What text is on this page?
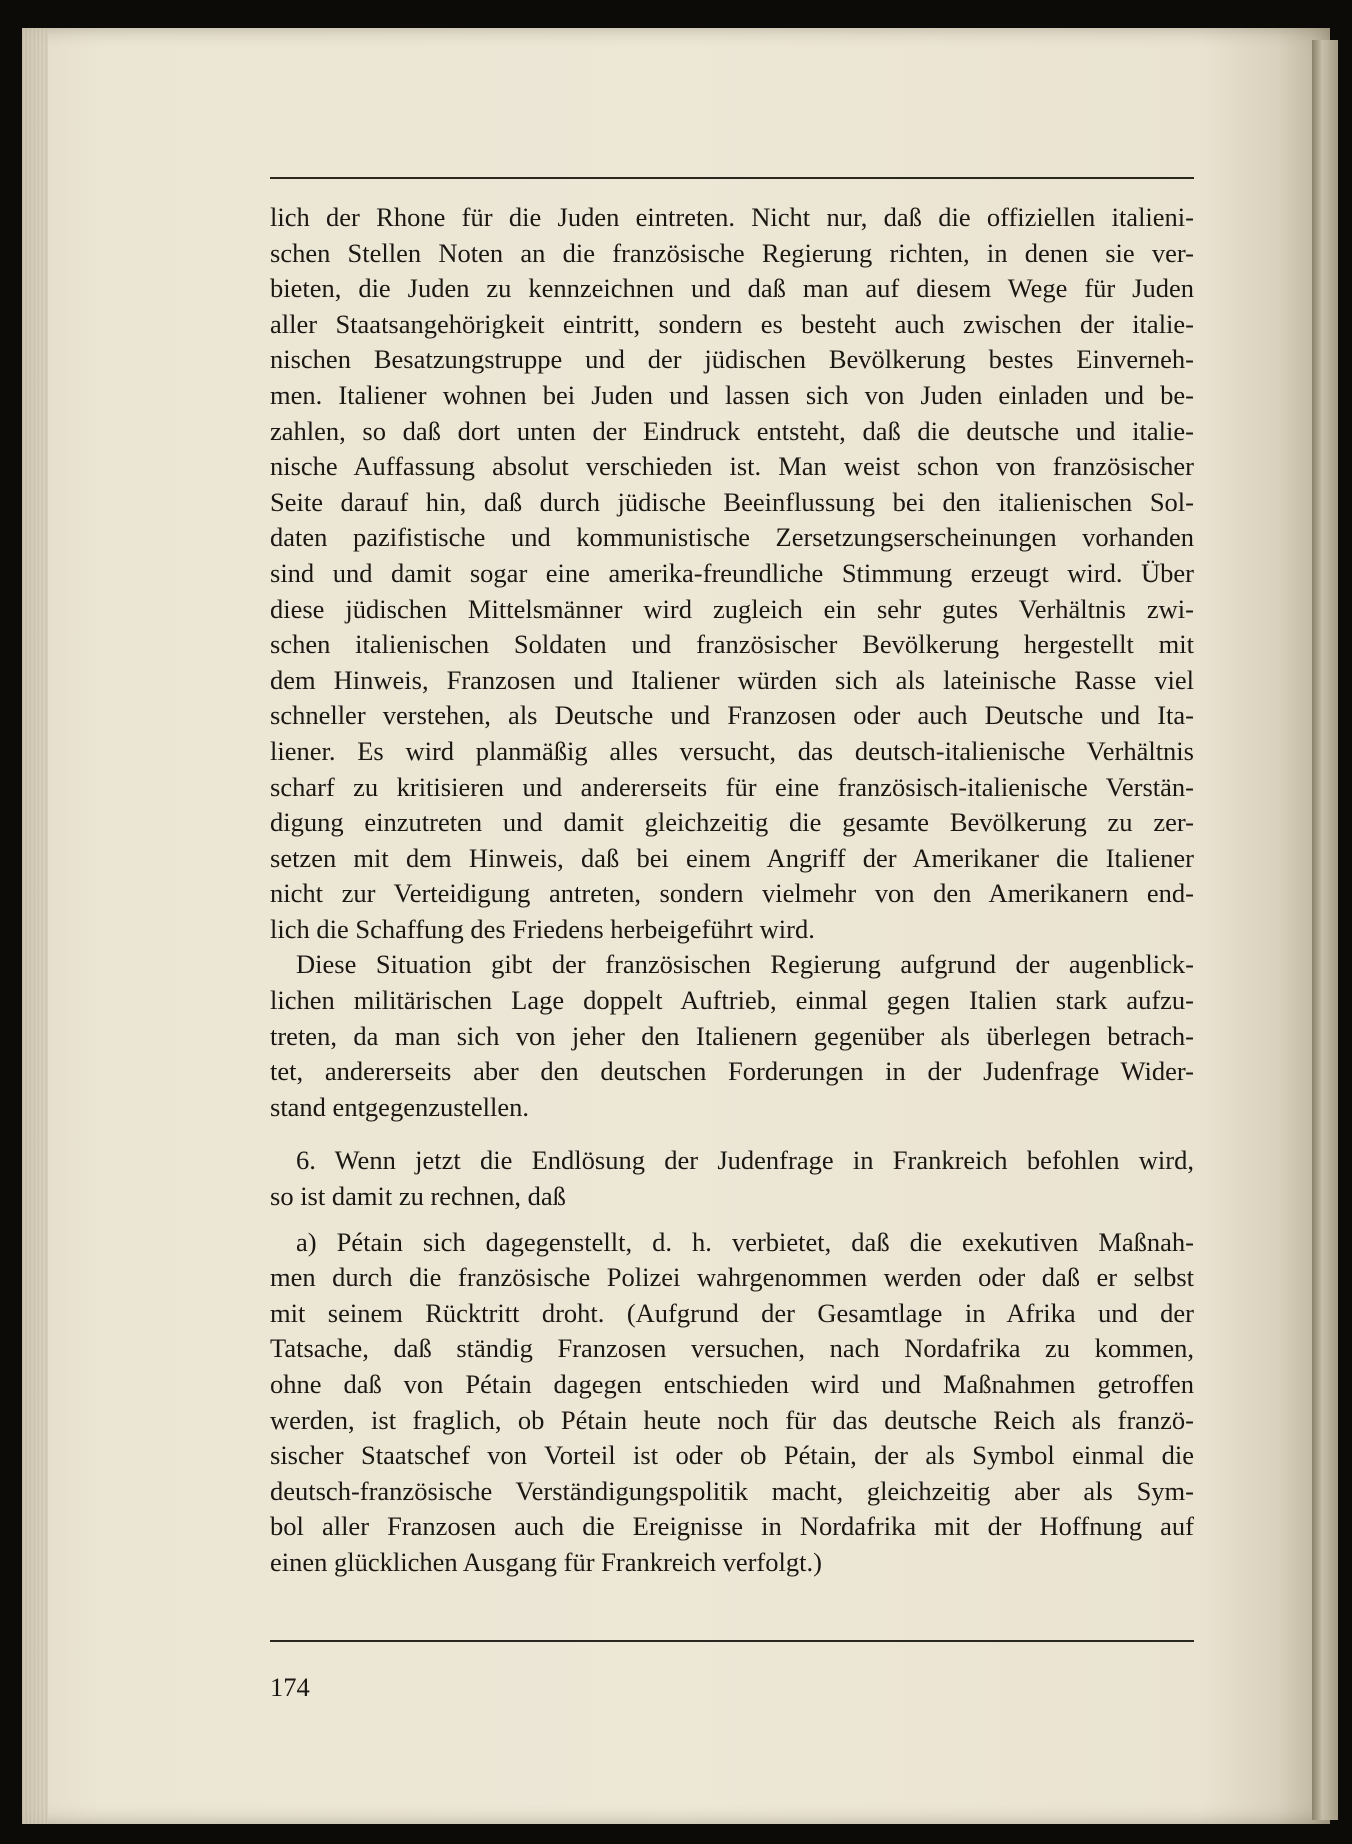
lich der Rhone für die Juden eintreten. Nicht nur, daß die offiziellen italieni-
schen Stellen Noten an die französische Regierung richten, in denen sie ver-
bieten, die Juden zu kennzeichnen und daß man auf diesem Wege für Juden
aller Staatsangehörigkeit eintritt, sondern es besteht auch zwischen der italie-
nischen Besatzungstruppe und der jüdischen Bevölkerung bestes Einverneh-
men. Italiener wohnen bei Juden und lassen sich von Juden einladen und be-
zahlen, so daß dort unten der Eindruck entsteht, daß die deutsche und italie-
nische Auffassung absolut verschieden ist. Man weist schon von französischer
Seite darauf hin, daß durch jüdische Beeinflussung bei den italienischen Sol-
daten pazifistische und kommunistische Zersetzungserscheinungen vorhanden
sind und damit sogar eine amerika-freundliche Stimmung erzeugt wird. Über
diese jüdischen Mittelsmänner wird zugleich ein sehr gutes Verhältnis zwi-
schen italienischen Soldaten und französischer Bevölkerung hergestellt mit
dem Hinweis, Franzosen und Italiener würden sich als lateinische Rasse viel
schneller verstehen, als Deutsche und Franzosen oder auch Deutsche und Ita-
liener. Es wird planmäßig alles versucht, das deutsch-italienische Verhältnis
scharf zu kritisieren und andererseits für eine französisch-italienische Verstän-
digung einzutreten und damit gleichzeitig die gesamte Bevölkerung zu zer-
setzen mit dem Hinweis, daß bei einem Angriff der Amerikaner die Italiener
nicht zur Verteidigung antreten, sondern vielmehr von den Amerikanern end-
lich die Schaffung des Friedens herbeigeführt wird.
Diese Situation gibt der französischen Regierung aufgrund der augenblick-
lichen militärischen Lage doppelt Auftrieb, einmal gegen Italien stark aufzu-
treten, da man sich von jeher den Italienern gegenüber als überlegen betrach-
tet, andererseits aber den deutschen Forderungen in der Judenfrage Wider-
stand entgegenzustellen.
6. Wenn jetzt die Endlösung der Judenfrage in Frankreich befohlen wird,
so ist damit zu rechnen, daß
a) Pétain sich dagegenstellt, d. h. verbietet, daß die exekutiven Maßnah-
men durch die französische Polizei wahrgenommen werden oder daß er selbst
mit seinem Rücktritt droht. (Aufgrund der Gesamtlage in Afrika und der
Tatsache, daß ständig Franzosen versuchen, nach Nordafrika zu kommen,
ohne daß von Pétain dagegen entschieden wird und Maßnahmen getroffen
werden, ist fraglich, ob Pétain heute noch für das deutsche Reich als franzö-
sischer Staatschef von Vorteil ist oder ob Pétain, der als Symbol einmal die
deutsch-französische Verständigungspolitik macht, gleichzeitig aber als Sym-
bol aller Franzosen auch die Ereignisse in Nordafrika mit der Hoffnung auf
einen glücklichen Ausgang für Frankreich verfolgt.)
174
